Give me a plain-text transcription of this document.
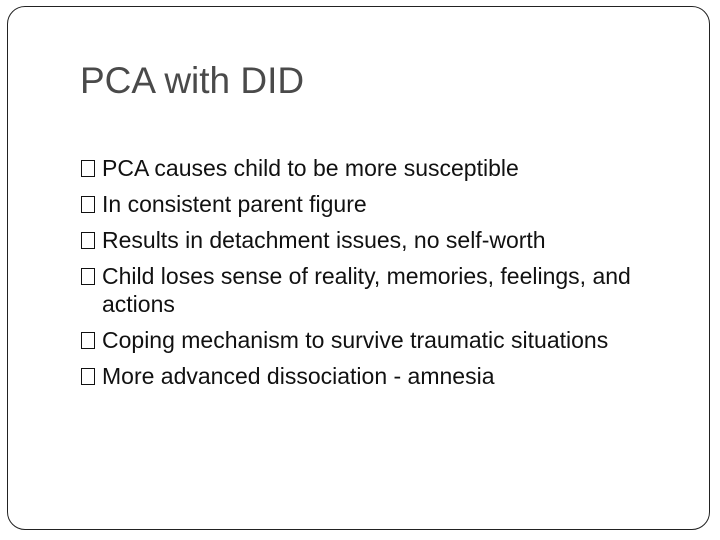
PCA with DID
PCA causes child to be more susceptible
In consistent parent figure
Results in detachment issues, no self-worth
Child loses sense of reality, memories, feelings, and actions
Coping mechanism to survive traumatic situations
More advanced dissociation - amnesia
